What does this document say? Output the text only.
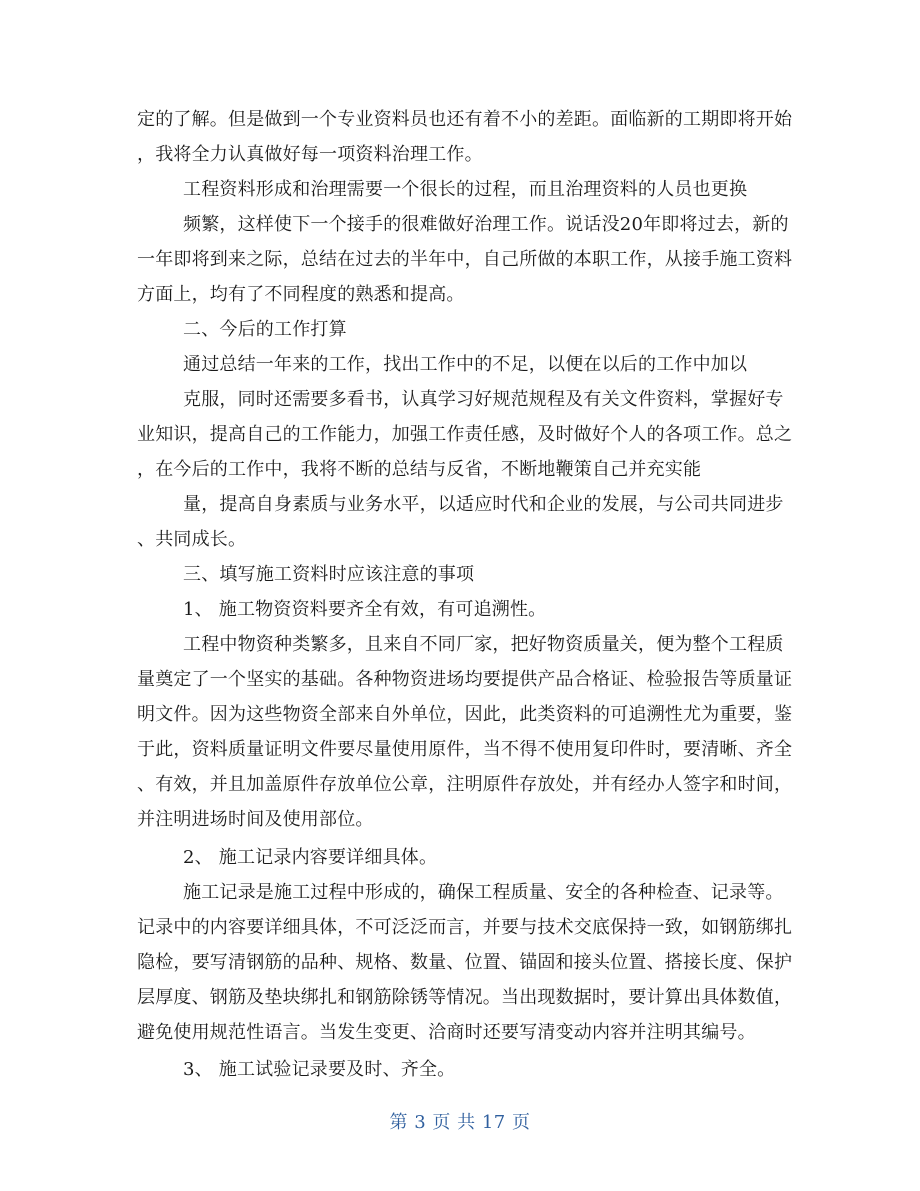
定的了解。但是做到一个专业资料员也还有着不小的差距。面临新的工期即将开始
，我将全力认真做好每一项资料治理工作。
工程资料形成和治理需要一个很长的过程，而且治理资料的人员也更换
频繁，这样使下一个接手的很难做好治理工作。说话没20年即将过去，新的
一年即将到来之际，总结在过去的半年中，自己所做的本职工作，从接手施工资料
方面上，均有了不同程度的熟悉和提高。
二、今后的工作打算
通过总结一年来的工作，找出工作中的不足，以便在以后的工作中加以
克服，同时还需要多看书，认真学习好规范规程及有关文件资料，掌握好专
业知识，提高自己的工作能力，加强工作责任感，及时做好个人的各项工作。总之
，在今后的工作中，我将不断的总结与反省，不断地鞭策自己并充实能
量，提高自身素质与业务水平，以适应时代和企业的发展，与公司共同进步
、共同成长。
三、填写施工资料时应该注意的事项
1、 施工物资资料要齐全有效，有可追溯性。
工程中物资种类繁多，且来自不同厂家，把好物资质量关，便为整个工程质
量奠定了一个坚实的基础。各种物资进场均要提供产品合格证、检验报告等质量证
明文件。因为这些物资全部来自外单位，因此，此类资料的可追溯性尤为重要，鉴
于此，资料质量证明文件要尽量使用原件，当不得不使用复印件时，要清晰、齐全
、有效，并且加盖原件存放单位公章，注明原件存放处，并有经办人签字和时间，
并注明进场时间及使用部位。
2、 施工记录内容要详细具体。
施工记录是施工过程中形成的，确保工程质量、安全的各种检查、记录等。
记录中的内容要详细具体，不可泛泛而言，并要与技术交底保持一致，如钢筋绑扎
隐检，要写清钢筋的品种、规格、数量、位置、锚固和接头位置、搭接长度、保护
层厚度、钢筋及垫块绑扎和钢筋除锈等情况。当出现数据时，要计算出具体数值，
避免使用规范性语言。当发生变更、洽商时还要写清变动内容并注明其编号。
3、 施工试验记录要及时、齐全。
第 3 页 共 17 页
